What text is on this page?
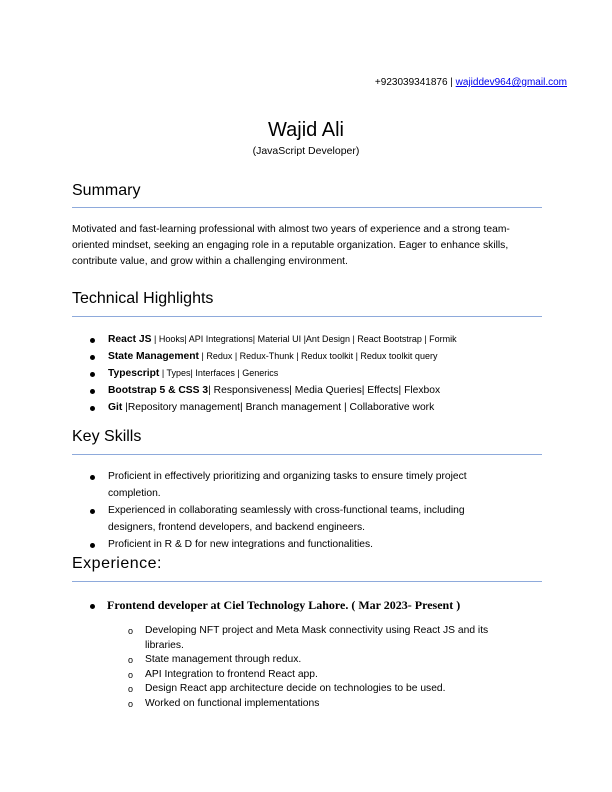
+923039341876 | wajiddev964@gmail.com
Wajid Ali
(JavaScript Developer)
Summary
Motivated and fast-learning professional with almost two years of experience and a strong team-oriented mindset, seeking an engaging role in a reputable organization. Eager to enhance skills, contribute value, and grow within a challenging environment.
Technical Highlights
React JS | Hooks| API Integrations| Material UI |Ant Design | React Bootstrap | Formik
State Management | Redux | Redux-Thunk | Redux toolkit | Redux toolkit query
Typescript | Types| Interfaces | Generics
Bootstrap 5 & CSS 3| Responsiveness| Media Queries| Effects| Flexbox
Git |Repository management| Branch management | Collaborative work
Key Skills
Proficient in effectively prioritizing and organizing tasks to ensure timely project completion.
Experienced in collaborating seamlessly with cross-functional teams, including designers, frontend developers, and backend engineers.
Proficient in R & D for new integrations and functionalities.
Experience:
Frontend developer at Ciel Technology Lahore. ( Mar 2023- Present )
o Developing NFT project and Meta Mask connectivity using React JS and its libraries.
o State management through redux.
o API Integration to frontend React app.
o Design React app architecture decide on technologies to be used.
o Worked on functional implementations
